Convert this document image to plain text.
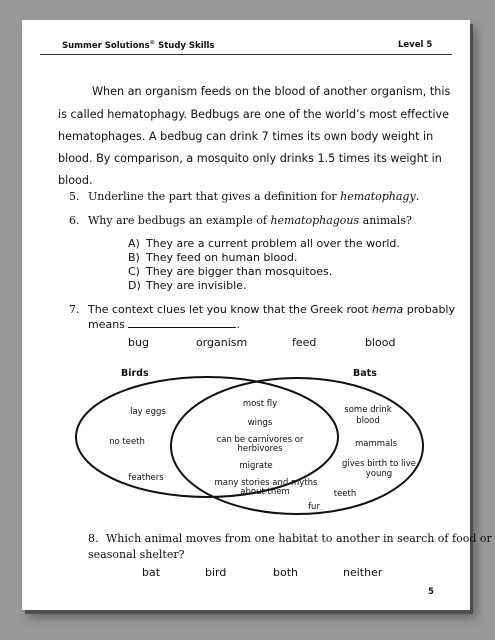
Summer Solutions© Study Skills	Level 5
When an organism feeds on the blood of another organism, this
is called hematophagy. Bedbugs are one of the world’s most effective
hematophages. A bedbug can drink 7 times its own body weight in
blood. By comparison, a mosquito only drinks 1.5 times its weight in
blood.
5. Underline the part that gives a definition for hematophagy.
6. Why are bedbugs an example of hematophagous animals?
A) They are a current problem all over the world.
B) They feed on human blood.
C) They are bigger than mosquitoes.
D) They are invisible.
7. The context clues let you know that the Greek root hema probably
means	.
bug	organism	feed	blood
Birds	Bats
lay eggs
no teeth
feathers
most fly
wings
can be carnivores or
herbivores
migrate
many stories and myths
about them
some drink
blood
mammals
gives birth to live
young
teeth
fur
8. Which animal moves from one habitat to another in search of food or
seasonal shelter?
bat	bird	both	neither
5
